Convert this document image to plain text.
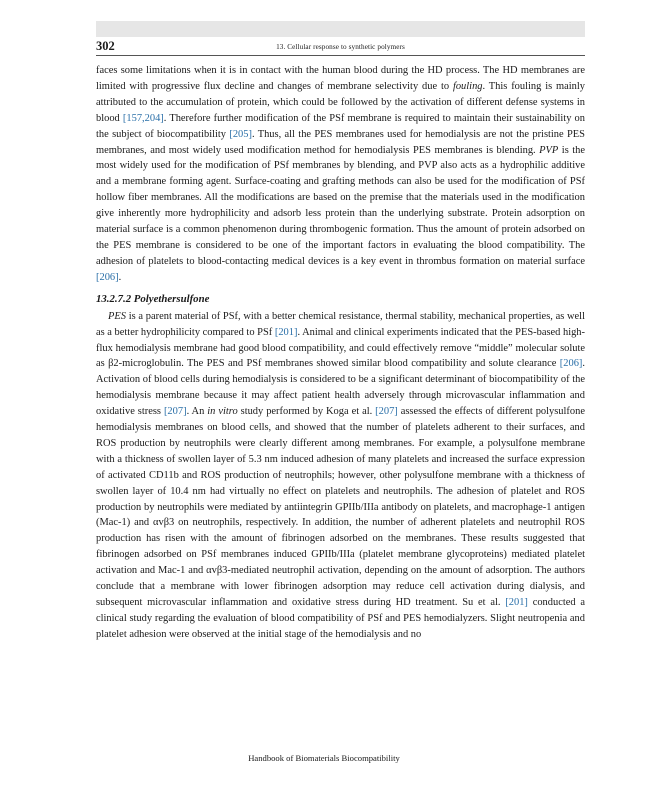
302	13. Cellular response to synthetic polymers

faces some limitations when it is in contact with the human blood during the HD process. The HD membranes are limited with progressive flux decline and changes of membrane selectivity due to fouling. This fouling is mainly attributed to the accumulation of protein, which could be followed by the activation of different defense systems in blood [157,204]. Therefore further modification of the PSf membrane is required to maintain their sustainability on the subject of biocompatibility [205]. Thus, all the PES membranes used for hemodialysis are not the pristine PES membranes, and most widely used modification method for hemodialysis PES membranes is blending. PVP is the most widely used for the modification of PSf membranes by blending, and PVP also acts as a hydrophilic additive and a membrane forming agent. Surface-coating and grafting methods can also be used for the modification of PSf hollow fiber membranes. All the modifications are based on the premise that the materials used in the modification give inherently more hydrophilicity and adsorb less protein than the underlying substrate. Protein adsorption on material surface is a common phenomenon during thrombogenic formation. Thus the amount of protein adsorbed on the PES membrane is considered to be one of the important factors in evaluating the blood compatibility. The adhesion of platelets to blood-contacting medical devices is a key event in thrombus formation on material surface [206].

13.2.7.2 Polyethersulfone

PES is a parent material of PSf, with a better chemical resistance, thermal stability, mechanical properties, as well as a better hydrophilicity compared to PSf [201]. Animal and clinical experiments indicated that the PES-based high-flux hemodialysis membrane had good blood compatibility, and could effectively remove “middle” molecular solute as β2-microglobulin. The PES and PSf membranes showed similar blood compatibility and solute clearance [206]. Activation of blood cells during hemodialysis is considered to be a significant determinant of biocompatibility of the hemodialysis membrane because it may affect patient health adversely through microvascular inflammation and oxidative stress [207]. An in vitro study performed by Koga et al. [207] assessed the effects of different polysulfone hemodialysis membranes on blood cells, and showed that the number of platelets adherent to their surfaces, and ROS production by neutrophils were clearly different among membranes. For example, a polysulfone membrane with a thickness of swollen layer of 5.3 nm induced adhesion of many platelets and increased the surface expression of activated CD11b and ROS production of neutrophils; however, other polysulfone membrane with a thickness of swollen layer of 10.4 nm had virtually no effect on platelets and neutrophils. The adhesion of platelet and ROS production by neutrophils were mediated by antiintegrin GPIIb/IIIa antibody on platelets, and macrophage-1 antigen (Mac-1) and αvβ3 on neutrophils, respectively. In addition, the number of adherent platelets and neutrophil ROS production has risen with the amount of fibrinogen adsorbed on the membranes. These results suggested that fibrinogen adsorbed on PSf membranes induced GPIIb/IIIa (platelet membrane glycoproteins) mediated platelet activation and Mac-1 and αvβ3-mediated neutrophil activation, depending on the amount of adsorption. The authors conclude that a membrane with lower fibrinogen adsorption may reduce cell activation during dialysis, and subsequent microvascular inflammation and oxidative stress during HD treatment. Su et al. [201] conducted a clinical study regarding the evaluation of blood compatibility of PSf and PES hemodialyzers. Slight neutropenia and platelet adhesion were observed at the initial stage of the hemodialysis and no

Handbook of Biomaterials Biocompatibility
